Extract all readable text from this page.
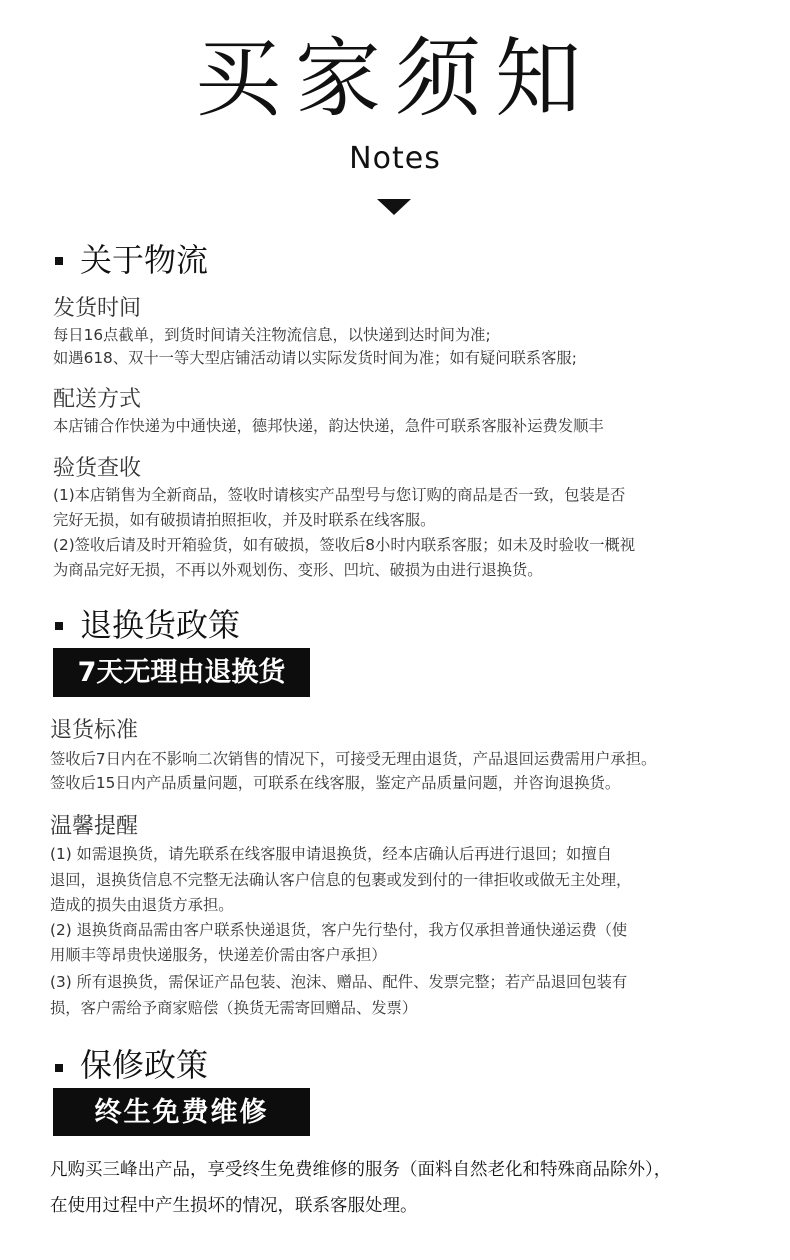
买家须知
Notes
关于物流
发货时间
每日16点截单，到货时间请关注物流信息，以快递到达时间为准;
如遇618、双十一等大型店铺活动请以实际发货时间为准；如有疑问联系客服;
配送方式
本店铺合作快递为中通快递，德邦快递，韵达快递，急件可联系客服补运费发顺丰
验货查收
(1)本店销售为全新商品，签收时请核实产品型号与您订购的商品是否一致，包装是否
完好无损，如有破损请拍照拒收，并及时联系在线客服。
(2)签收后请及时开箱验货，如有破损，签收后8小时内联系客服；如未及时验收一概视
为商品完好无损，不再以外观划伤、变形、凹坑、破损为由进行退换货。
退换货政策
7天无理由退换货
退货标准
签收后7日内在不影响二次销售的情况下，可接受无理由退货，产品退回运费需用户承担。
签收后15日内产品质量问题，可联系在线客服，鉴定产品质量问题，并咨询退换货。
温馨提醒
(1) 如需退换货，请先联系在线客服申请退换货，经本店确认后再进行退回；如擅自
退回，退换货信息不完整无法确认客户信息的包裹或发到付的一律拒收或做无主处理，
造成的损失由退货方承担。
(2) 退换货商品需由客户联系快递退货，客户先行垫付，我方仅承担普通快递运费（使
用顺丰等昂贵快递服务，快递差价需由客户承担）
(3) 所有退换货，需保证产品包装、泡沫、赠品、配件、发票完整；若产品退回包装有
损，客户需给予商家赔偿（换货无需寄回赠品、发票）
保修政策
终生免费维修
凡购买三峰出产品，享受终生免费维修的服务（面料自然老化和特殊商品除外），
在使用过程中产生损坏的情况，联系客服处理。
